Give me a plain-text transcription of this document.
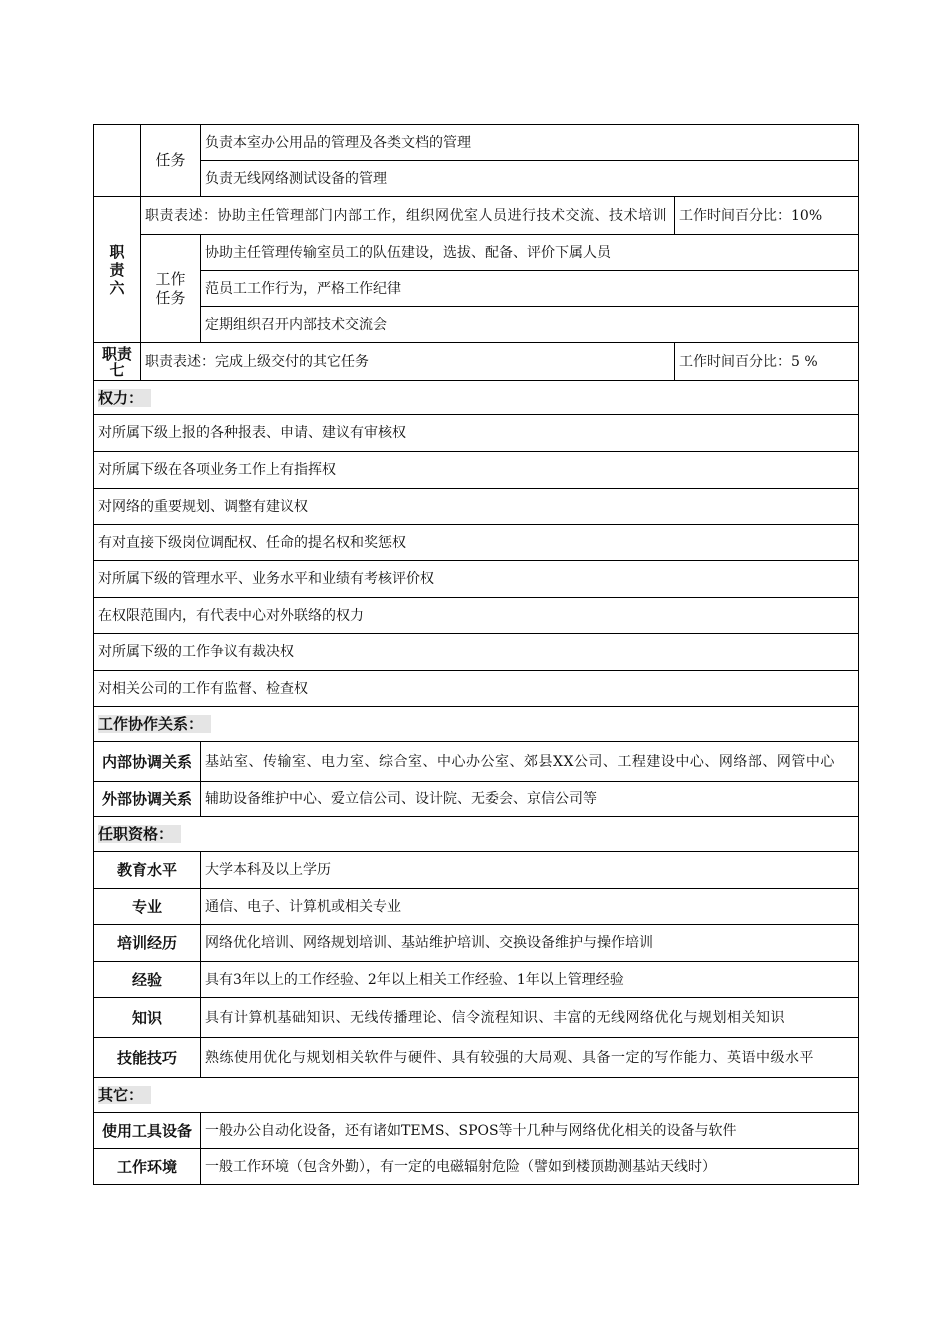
	任务	负责本室办公用品的管理及各类文档的管理	
		负责无线网络测试设备的管理	

职责六	职责表述：协助主任管理部门内部工作，组织网优室人员进行技术交流、技术培训		工作时间百分比：10%

	工作任务	协助主任管理传输室员工的队伍建设，选拔、配备、评价下属人员	
		范员工工作行为，严格工作纪律	
		定期组织召开内部技术交流会	

职责七	职责表述：完成上级交付的其它任务		工作时间百分比：5 %
权力：			
对所属下级上报的各种报表、申请、建议有审核权			
对所属下级在各项业务工作上有指挥权			
对网络的重要规划、调整有建议权			
有对直接下级岗位调配权、任命的提名权和奖惩权			
对所属下级的管理水平、业务水平和业绩有考核评价权			
在权限范围内，有代表中心对外联络的权力			
对所属下级的工作争议有裁决权			
对相关公司的工作有监督、检查权			
工作协作关系：			
内部协调关系		基站室、传输室、电力室、综合室、中心办公室、郊县XX公司、工程建设中心、网络部、网管中心	
外部协调关系		辅助设备维护中心、爱立信公司、设计院、无委会、京信公司等	
任职资格：			
教育水平		大学本科及以上学历	
专业		通信、电子、计算机或相关专业	
培训经历		网络优化培训、网络规划培训、基站维护培训、交换设备维护与操作培训	
经验		具有3年以上的工作经验、2年以上相关工作经验、1年以上管理经验	
知识		具有计算机基础知识、无线传播理论、信令流程知识、丰富的无线网络优化与规划相关知识	
技能技巧		熟练使用优化与规划相关软件与硬件、具有较强的大局观、具备一定的写作能力、英语中级水平	
其它：			
使用工具设备		一般办公自动化设备，还有诸如TEMS、SPOS等十几种与网络优化相关的设备与软件	
工作环境		一般工作环境（包含外勤），有一定的电磁辐射危险（譬如到楼顶勘测基站天线时）	
